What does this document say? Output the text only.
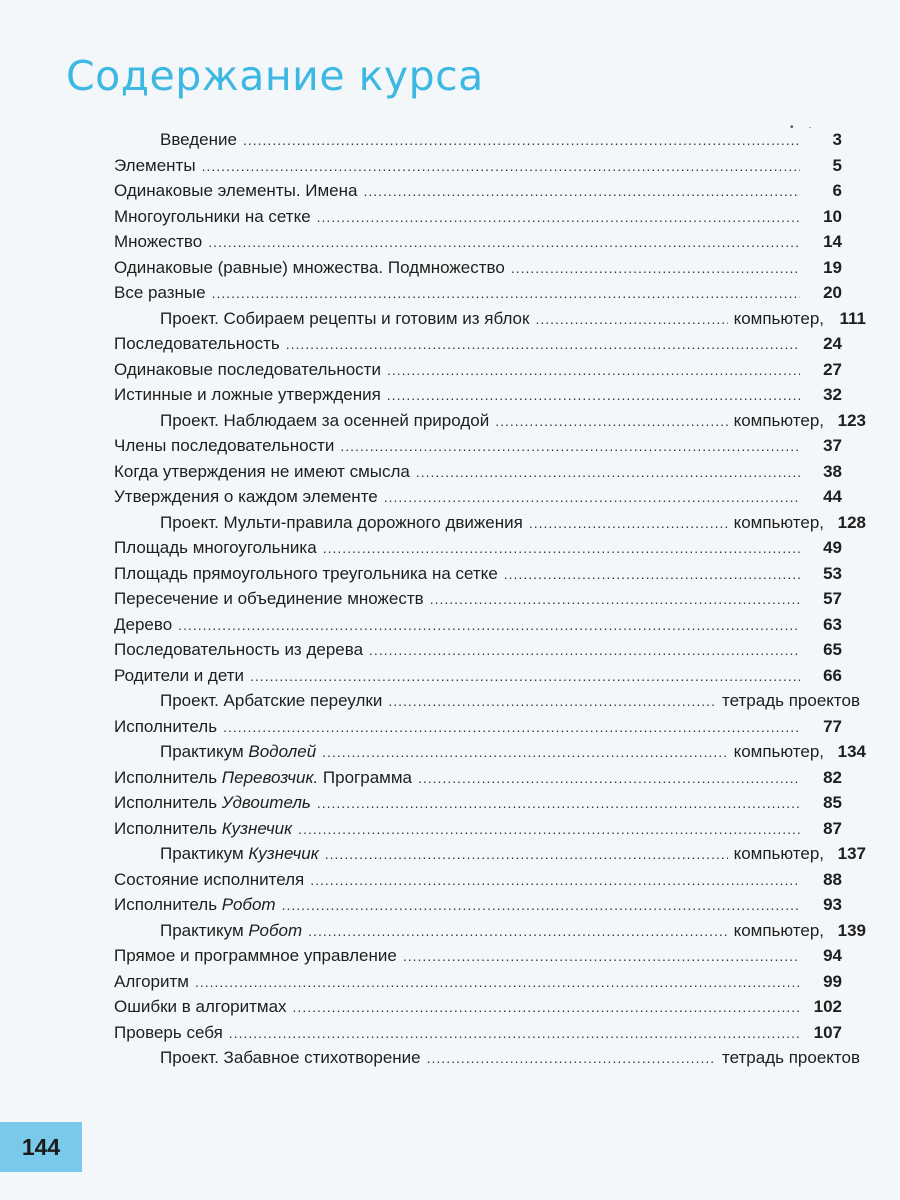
Содержание курса
• ·
Введение .....	3
Элементы .....	5
Одинаковые элементы. Имена .....	6
Многоугольники на сетке .....	10
Множество .....	14
Одинаковые (равные) множества. Подмножество .....	19
Все разные .....	20
Проект. Собираем рецепты и готовим из яблок .....	компьютер, 111
Последовательность .....	24
Одинаковые последовательности .....	27
Истинные и ложные утверждения .....	32
Проект. Наблюдаем за осенней природой .....	компьютер, 123
Члены последовательности .....	37
Когда утверждения не имеют смысла .....	38
Утверждения о каждом элементе .....	44
Проект. Мульти-правила дорожного движения .....	компьютер, 128
Площадь многоугольника .....	49
Площадь прямоугольного треугольника на сетке .....	53
Пересечение и объединение множеств .....	57
Дерево .....	63
Последовательность из дерева .....	65
Родители и дети .....	66
Проект. Арбатские переулки .....	тетрадь проектов
Исполнитель .....	77
Практикум Водолей .....	компьютер, 134
Исполнитель Перевозчик. Программа .....	82
Исполнитель Удвоитель .....	85
Исполнитель Кузнечик .....	87
Практикум Кузнечик .....	компьютер, 137
Состояние исполнителя .....	88
Исполнитель Робот .....	93
Практикум Робот .....	компьютер, 139
Прямое и программное управление .....	94
Алгоритм .....	99
Ошибки в алгоритмах .....	102
Проверь себя .....	107
Проект. Забавное стихотворение .....	тетрадь проектов
144
